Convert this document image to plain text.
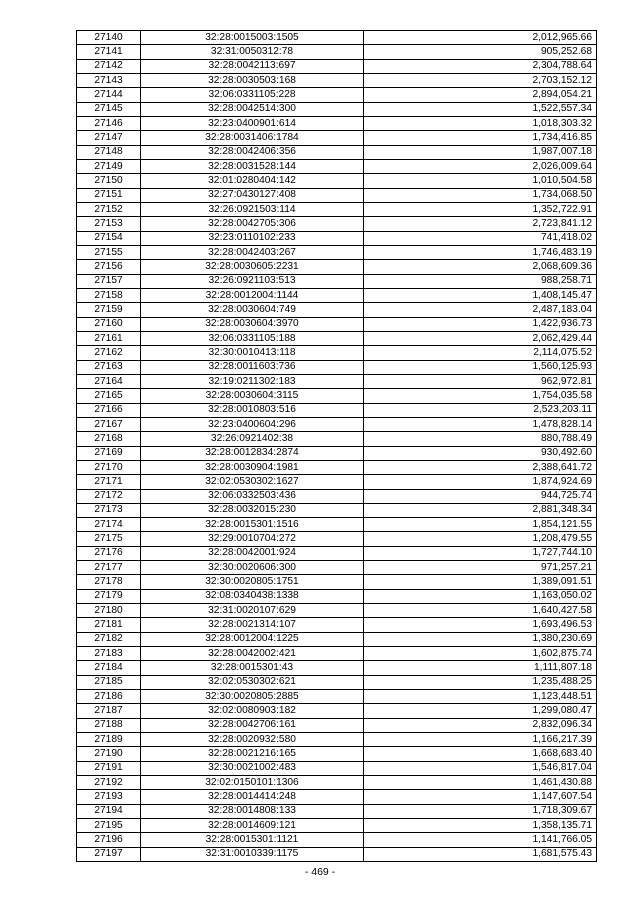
27140	32:28:0015003:1505	2,012,965.66
27141	32:31:0050312:78	905,252.68
27142	32:28:0042113:697	2,304,788.64
27143	32:28:0030503:168	2,703,152.12
27144	32:06:0331105:228	2,894,054.21
27145	32:28:0042514:300	1,522,557.34
27146	32:23:0400901:614	1,018,303.32
27147	32:28:0031406:1784	1,734,416.85
27148	32:28:0042406:356	1,987,007.18
27149	32:28:0031528:144	2,026,009.64
27150	32:01:0280404:142	1,010,504.58
27151	32:27:0430127:408	1,734,068.50
27152	32:26:0921503:114	1,352,722.91
27153	32:28:0042705:306	2,723,841.12
27154	32:23:0110102:233	741,418.02
27155	32:28:0042403:267	1,746,483.19
27156	32:28:0030605:2231	2,068,609.36
27157	32:26:0921103:513	988,258.71
27158	32:28:0012004:1144	1,408,145.47
27159	32:28:0030604:749	2,487,183.04
27160	32:28:0030604:3970	1,422,936.73
27161	32:06:0331105:188	2,062,429.44
27162	32:30:0010413:118	2,114,075.52
27163	32:28:0011603:736	1,560,125.93
27164	32:19:0211302:183	962,972.81
27165	32:28:0030604:3115	1,754,035.58
27166	32:28:0010803:516	2,523,203.11
27167	32:23:0400604:296	1,478,828.14
27168	32:26:0921402:38	880,788.49
27169	32:28:0012834:2874	930,492.60
27170	32:28:0030904:1981	2,388,641.72
27171	32:02:0530302:1627	1,874,924.69
27172	32:06:0332503:436	944,725.74
27173	32:28:0032015:230	2,881,348.34
27174	32:28:0015301:1516	1,854,121.55
27175	32:29:0010704:272	1,208,479.55
27176	32:28:0042001:924	1,727,744.10
27177	32:30:0020606:300	971,257.21
27178	32:30:0020805:1751	1,389,091.51
27179	32:08:0340438:1338	1,163,050.02
27180	32:31:0020107:629	1,640,427.58
27181	32:28:0021314:107	1,693,496.53
27182	32:28:0012004:1225	1,380,230.69
27183	32:28:0042002:421	1,602,875.74
27184	32:28:0015301:43	1,111,807.18
27185	32:02:0530302:621	1,235,488.25
27186	32:30:0020805:2885	1,123,448.51
27187	32:02:0080903:182	1,299,080.47
27188	32:28:0042706:161	2,832,096.34
27189	32:28:0020932:580	1,166,217.39
27190	32:28:0021216:165	1,668,683.40
27191	32:30:0021002:483	1,546,817.04
27192	32:02:0150101:1306	1,461,430.88
27193	32:28:0014414:248	1,147,607.54
27194	32:28:0014808:133	1,718,309.67
27195	32:28:0014609:121	1,358,135.71
27196	32:28:0015301:1121	1,141,766.05
27197	32:31:0010339:1175	1,681,575.43
- 469 -
